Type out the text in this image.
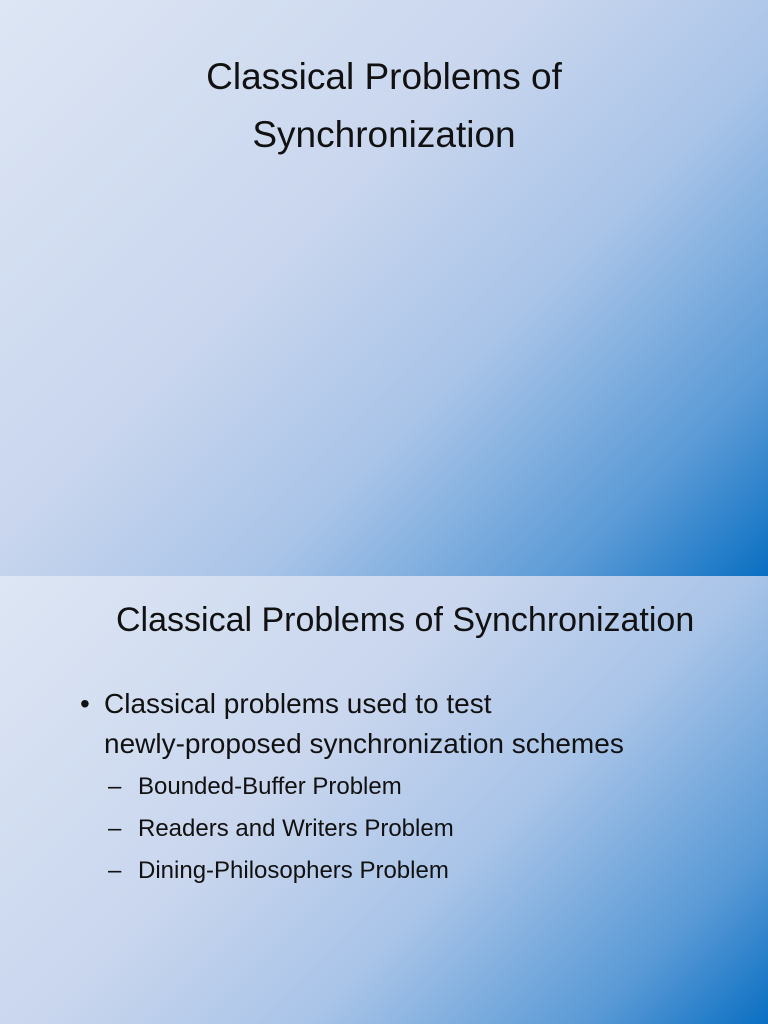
Classical Problems of
Synchronization
Classical Problems of Synchronization
• Classical problems used to test
newly-proposed synchronization schemes
– Bounded-Buffer Problem
– Readers and Writers Problem
– Dining-Philosophers Problem
